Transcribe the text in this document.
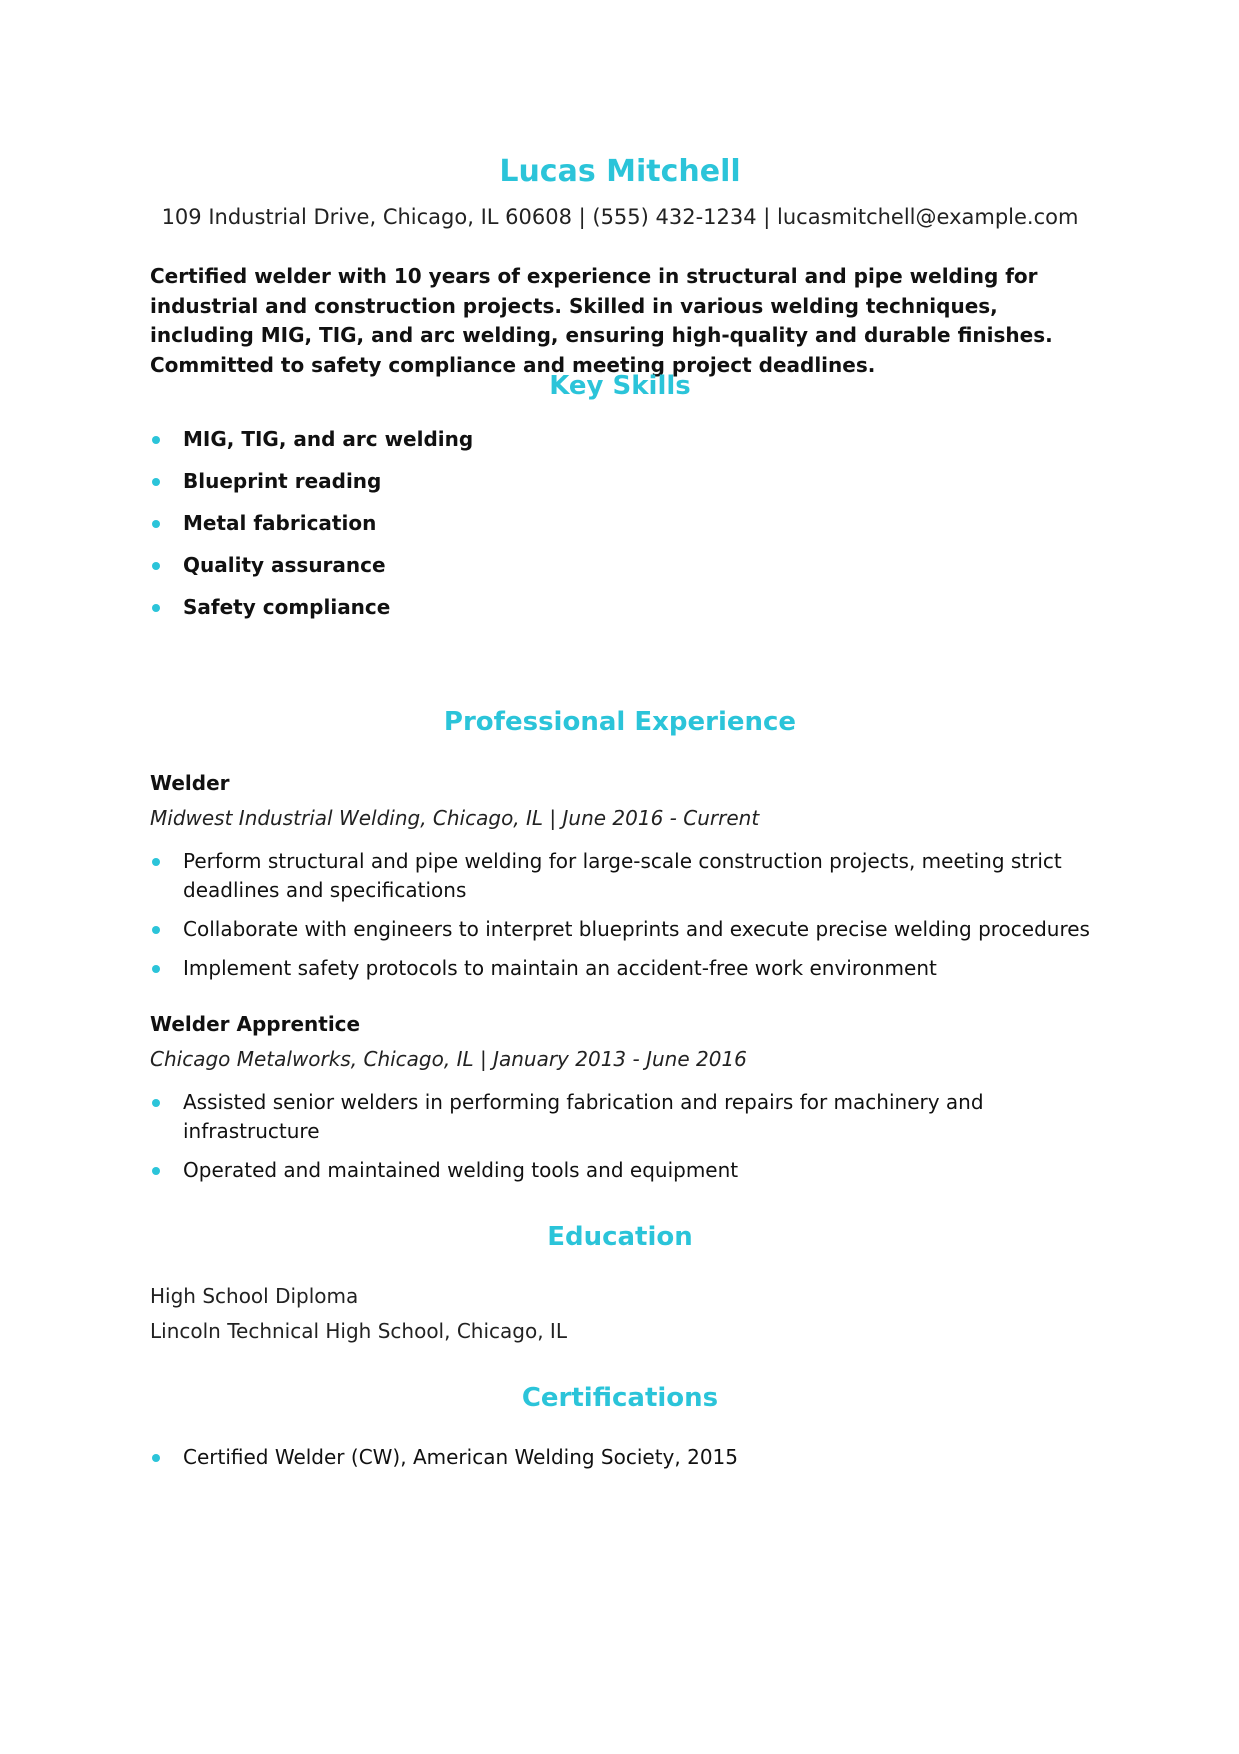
Lucas Mitchell
109 Industrial Drive, Chicago, IL 60608 | (555) 432-1234 | lucasmitchell@example.com

Certified welder with 10 years of experience in structural and pipe welding for industrial and construction projects. Skilled in various welding techniques, including MIG, TIG, and arc welding, ensuring high-quality and durable finishes. Committed to safety compliance and meeting project deadlines.

Key Skills
MIG, TIG, and arc welding
Blueprint reading
Metal fabrication
Quality assurance
Safety compliance
Professional Experience
Welder
Midwest Industrial Welding, Chicago, IL | June 2016 - Current
Perform structural and pipe welding for large-scale construction projects, meeting strict deadlines and specifications
Collaborate with engineers to interpret blueprints and execute precise welding procedures
Implement safety protocols to maintain an accident-free work environment
Welder Apprentice
Chicago Metalworks, Chicago, IL | January 2013 - June 2016
Assisted senior welders in performing fabrication and repairs for machinery and infrastructure
Operated and maintained welding tools and equipment
Education
High School Diploma
Lincoln Technical High School, Chicago, IL
Certifications
Certified Welder (CW), American Welding Society, 2015
